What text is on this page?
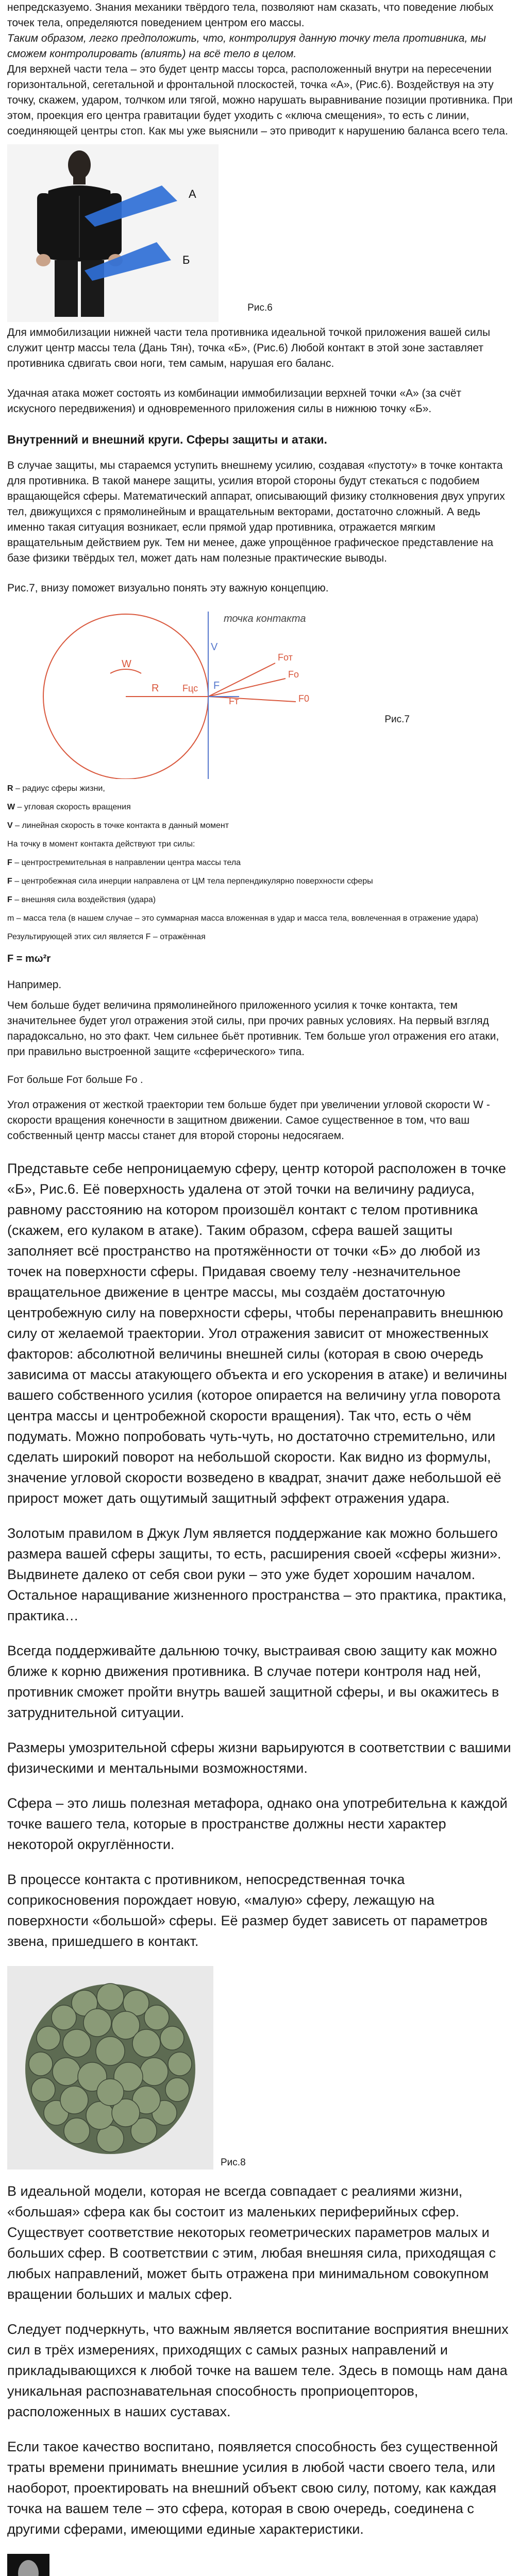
непредсказуемо. Знания механики твёрдого тела, позволяют нам сказать, что поведение любых точек тела, определяются поведением центром его массы.

Таким образом, легко предположить, что, контролируя данную точку тела противника, мы сможем контролировать (влиять) на всё тело в целом.

Для верхней части тела – это будет центр массы торса, расположенный внутри на пересечении горизонтальной, сегетальной и фронтальной плоскостей, точка «А», (Рис.6). Воздействуя на эту точку, скажем, ударом, толчком или тягой, можно нарушать выравнивание позиции противника. При этом, проекция его центра гравитации будет уходить с «ключа смещения», то есть с линии, соединяющей центры стоп. Как мы уже выяснили – это приводит к нарушению баланса всего тела.

А
Б
Рис.6

Для иммобилизации нижней части тела противника идеальной точкой приложения вашей силы служит центр массы тела (Дань Тян), точка «Б», (Рис.6) Любой контакт в этой зоне заставляет противника сдвигать свои ноги, тем самым, нарушая его баланс.

Удачная атака может состоять из комбинации иммобилизации верхней точки «А» (за счёт искусного передвижения) и одновременного приложения силы в нижнюю точку «Б».

Внутренний и внешний круги. Сферы защиты и атаки.

В случае защиты, мы стараемся уступить внешнему усилию, создавая «пустоту» в точке контакта для противника. В такой манере защиты, усилия второй стороны будут стекаться с подобием вращающейся сферы. Математический аппарат, описывающий физику столкновения двух упругих тел, движущихся с прямолинейным и вращательным векторами, достаточно сложный. А ведь именно такая ситуация возникает, если прямой удар противника, отражается мягким вращательным действием рук. Тем ни менее, даже упрощённое графическое представление на базе физики твёрдых тел, может дать нам полезные практические выводы.

Рис.7, внизу поможет визуально понять эту важную концепцию.

точка контакта
R
W
V
F
Fцс
Fт
Fот
Fо
F0
Рис.7
R – радиус сферы жизни,
W – угловая скорость вращения
V – линейная скорость в точке контакта в данный момент
На точку в момент контакта действуют три силы:
F – центростремительная в направлении центра массы тела
F – центробежная сила инерции направлена от ЦМ тела перпендикулярно поверхности сферы
F – внешняя сила воздействия (удара)
m – масса тела (в нашем случае – это суммарная масса вложенная в удар и масса тела, вовлеченная в отражение удара)
Результирующей этих сил является F – отражённая
F = mω²r

Например.

Чем больше будет величина прямолинейного приложенного усилия к точке контакта, тем значительнее будет угол отражения этой силы, при прочих равных условиях. На первый взгляд парадоксально, но это факт. Чем сильнее бьёт противник. Тем больше угол отражения его атаки, при правильно выстроенной защите «сферического» типа.

Fот больше Fот больше Fо .

Угол отражения от жесткой траектории тем больше будет при увеличении угловой скорости W - скорости вращения конечности в защитном движении. Самое существенное в том, что ваш собственный центр массы станет для второй стороны недосягаем.

Представьте себе непроницаемую сферу, центр которой расположен в точке «Б», Рис.6. Её поверхность удалена от этой точки на величину радиуса, равному расстоянию на котором произошёл контакт с телом противника (скажем, его кулаком в атаке). Таким образом, сфера вашей защиты заполняет всё пространство на протяжённости от точки «Б» до любой из точек на поверхности сферы. Придавая своему телу -незначительное вращательное движение в центре массы, мы создаём достаточную центробежную силу на поверхности сферы, чтобы перенаправить внешнюю силу от желаемой траектории. Угол отражения зависит от множественных факторов: абсолютной величины внешней силы (которая в свою очередь зависима от массы атакующего объекта и его ускорения в атаке) и величины вашего собственного усилия (которое опирается на величину угла поворота центра массы и центробежной скорости вращения). Так что, есть о чём подумать. Можно попробовать чуть-чуть, но достаточно стремительно, или сделать широкий поворот на небольшой скорости. Как видно из формулы, значение угловой скорости возведено в квадрат, значит даже небольшой её прирост может дать ощутимый защитный эффект отражения удара.

Золотым правилом в Джук Лум является поддержание как можно большего размера вашей сферы защиты, то есть, расширения своей «сферы жизни». Выдвинете далеко от себя свои руки – это уже будет хорошим началом. Остальное наращивание жизненного пространства – это практика, практика, практика…

Всегда поддерживайте дальнюю точку, выстраивая свою защиту как можно ближе к корню движения противника. В случае потери контроля над ней, противник сможет пройти внутрь вашей защитной сферы, и вы окажитесь в затруднительной ситуации.

Размеры умозрительной сферы жизни варьируются в соответствии с вашими физическими и ментальными возможностями.

Сфера – это лишь полезная метафора, однако она употребительна к каждой точке вашего тела, которые в пространстве должны нести характер некоторой округлённости.

В процессе контакта с противником, непосредственная точка соприкосновения порождает новую, «малую» сферу, лежащую на поверхности «большой» сферы. Её размер будет зависеть от параметров звена, пришедшего в контакт.

Рис.8

В идеальной модели, которая не всегда совпадает с реалиями жизни, «большая» сфера как бы состоит из маленьких периферийных сфер. Существует соответствие некоторых геометрических параметров малых и больших сфер. В соответствии с этим, любая внешняя сила, приходящая с любых направлений, может быть отражена при минимальном совокупном вращении больших и малых сфер.

Следует подчеркнуть, что важным является воспитание восприятия внешних сил в трёх измерениях, приходящих с самых разных направлений и прикладывающихся к любой точке на вашем теле. Здесь в помощь нам дана уникальная распознавательная способность проприоцепторов, расположенных в наших суставах.

Если такое качество воспитано, появляется способность без существенной траты времени принимать внешние усилия в любой части своего тела, или наоборот, проектировать на внешний объект свою силу, потому, как каждая точка на вашем теле – это сфера, которая в свою очередь, соединена с другими сферами, имеющими единые характеристики.
